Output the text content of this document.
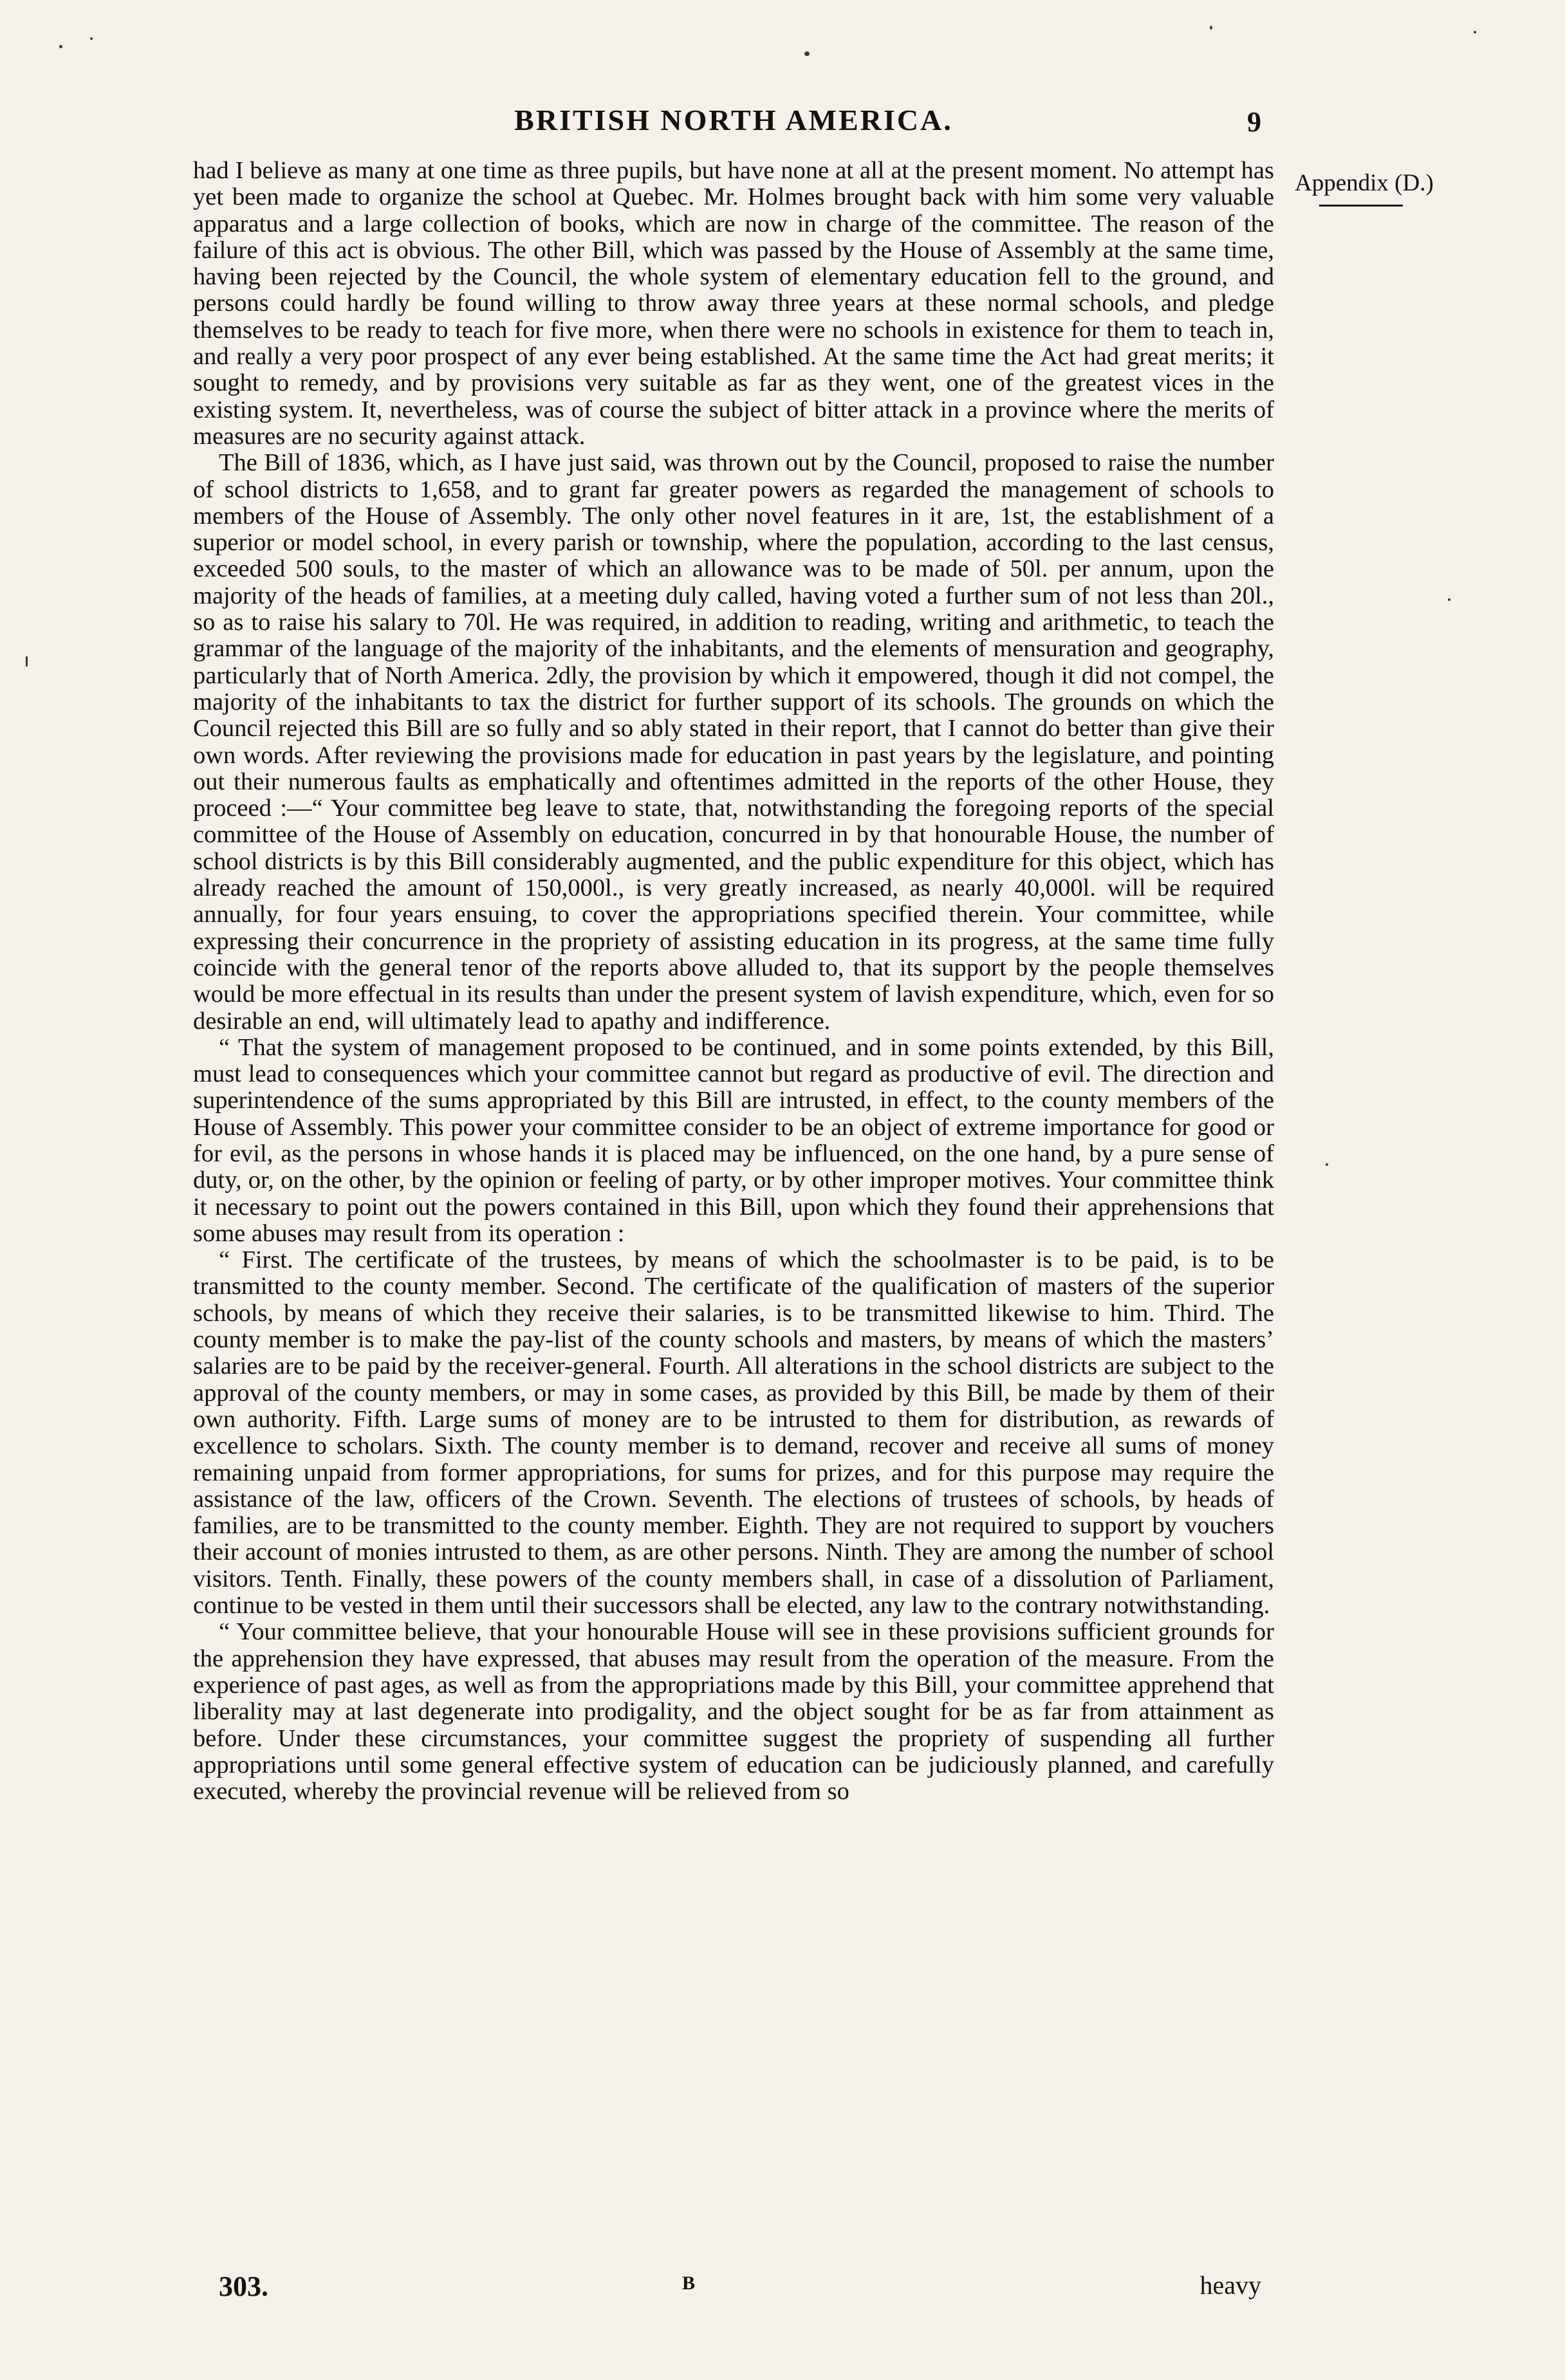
BRITISH NORTH AMERICA.	9
Appendix (D.)

had I believe as many at one time as three pupils, but have none at all at the present moment. No attempt has yet been made to organize the school at Quebec. Mr. Holmes brought back with him some very valuable apparatus and a large collection of books, which are now in charge of the committee. The reason of the failure of this act is obvious. The other Bill, which was passed by the House of Assembly at the same time, having been rejected by the Council, the whole system of elementary education fell to the ground, and persons could hardly be found willing to throw away three years at these normal schools, and pledge themselves to be ready to teach for five more, when there were no schools in existence for them to teach in, and really a very poor prospect of any ever being established. At the same time the Act had great merits; it sought to remedy, and by provisions very suitable as far as they went, one of the greatest vices in the existing system. It, nevertheless, was of course the subject of bitter attack in a province where the merits of measures are no security against attack.

The Bill of 1836, which, as I have just said, was thrown out by the Council, proposed to raise the number of school districts to 1,658, and to grant far greater powers as regarded the management of schools to members of the House of Assembly. The only other novel features in it are, 1st, the establishment of a superior or model school, in every parish or township, where the population, according to the last census, exceeded 500 souls, to the master of which an allowance was to be made of 50l. per annum, upon the majority of the heads of families, at a meeting duly called, having voted a further sum of not less than 20l., so as to raise his salary to 70l. He was required, in addition to reading, writing and arithmetic, to teach the grammar of the language of the majority of the inhabitants, and the elements of mensuration and geography, particularly that of North America. 2dly, the provision by which it empowered, though it did not compel, the majority of the inhabitants to tax the district for further support of its schools. The grounds on which the Council rejected this Bill are so fully and so ably stated in their report, that I cannot do better than give their own words. After reviewing the provisions made for education in past years by the legislature, and pointing out their numerous faults as emphatically and oftentimes admitted in the reports of the other House, they proceed :—“ Your committee beg leave to state, that, notwithstanding the foregoing reports of the special committee of the House of Assembly on education, concurred in by that honourable House, the number of school districts is by this Bill considerably augmented, and the public expenditure for this object, which has already reached the amount of 150,000l., is very greatly increased, as nearly 40,000l. will be required annually, for four years ensuing, to cover the appropriations specified therein. Your committee, while expressing their concurrence in the propriety of assisting education in its progress, at the same time fully coincide with the general tenor of the reports above alluded to, that its support by the people themselves would be more effectual in its results than under the present system of lavish expenditure, which, even for so desirable an end, will ultimately lead to apathy and indifference.

“ That the system of management proposed to be continued, and in some points extended, by this Bill, must lead to consequences which your committee cannot but regard as productive of evil. The direction and superintendence of the sums appropriated by this Bill are intrusted, in effect, to the county members of the House of Assembly. This power your committee consider to be an object of extreme importance for good or for evil, as the persons in whose hands it is placed may be influenced, on the one hand, by a pure sense of duty, or, on the other, by the opinion or feeling of party, or by other improper motives. Your committee think it necessary to point out the powers contained in this Bill, upon which they found their apprehensions that some abuses may result from its operation :

“ First. The certificate of the trustees, by means of which the schoolmaster is to be paid, is to be transmitted to the county member. Second. The certificate of the qualification of masters of the superior schools, by means of which they receive their salaries, is to be transmitted likewise to him. Third. The county member is to make the pay-list of the county schools and masters, by means of which the masters’ salaries are to be paid by the receiver-general. Fourth. All alterations in the school districts are subject to the approval of the county members, or may in some cases, as provided by this Bill, be made by them of their own authority. Fifth. Large sums of money are to be intrusted to them for distribution, as rewards of excellence to scholars. Sixth. The county member is to demand, recover and receive all sums of money remaining unpaid from former appropriations, for sums for prizes, and for this purpose may require the assistance of the law, officers of the Crown. Seventh. The elections of trustees of schools, by heads of families, are to be transmitted to the county member. Eighth. They are not required to support by vouchers their account of monies intrusted to them, as are other persons. Ninth. They are among the number of school visitors. Tenth. Finally, these powers of the county members shall, in case of a dissolution of Parliament, continue to be vested in them until their successors shall be elected, any law to the contrary notwithstanding.

“ Your committee believe, that your honourable House will see in these provisions sufficient grounds for the apprehension they have expressed, that abuses may result from the operation of the measure. From the experience of past ages, as well as from the appropriations made by this Bill, your committee apprehend that liberality may at last degenerate into prodigality, and the object sought for be as far from attainment as before. Under these circumstances, your committee suggest the propriety of suspending all further appropriations until some general effective system of education can be judiciously planned, and carefully executed, whereby the provincial revenue will be relieved from so

303.	B	heavy
